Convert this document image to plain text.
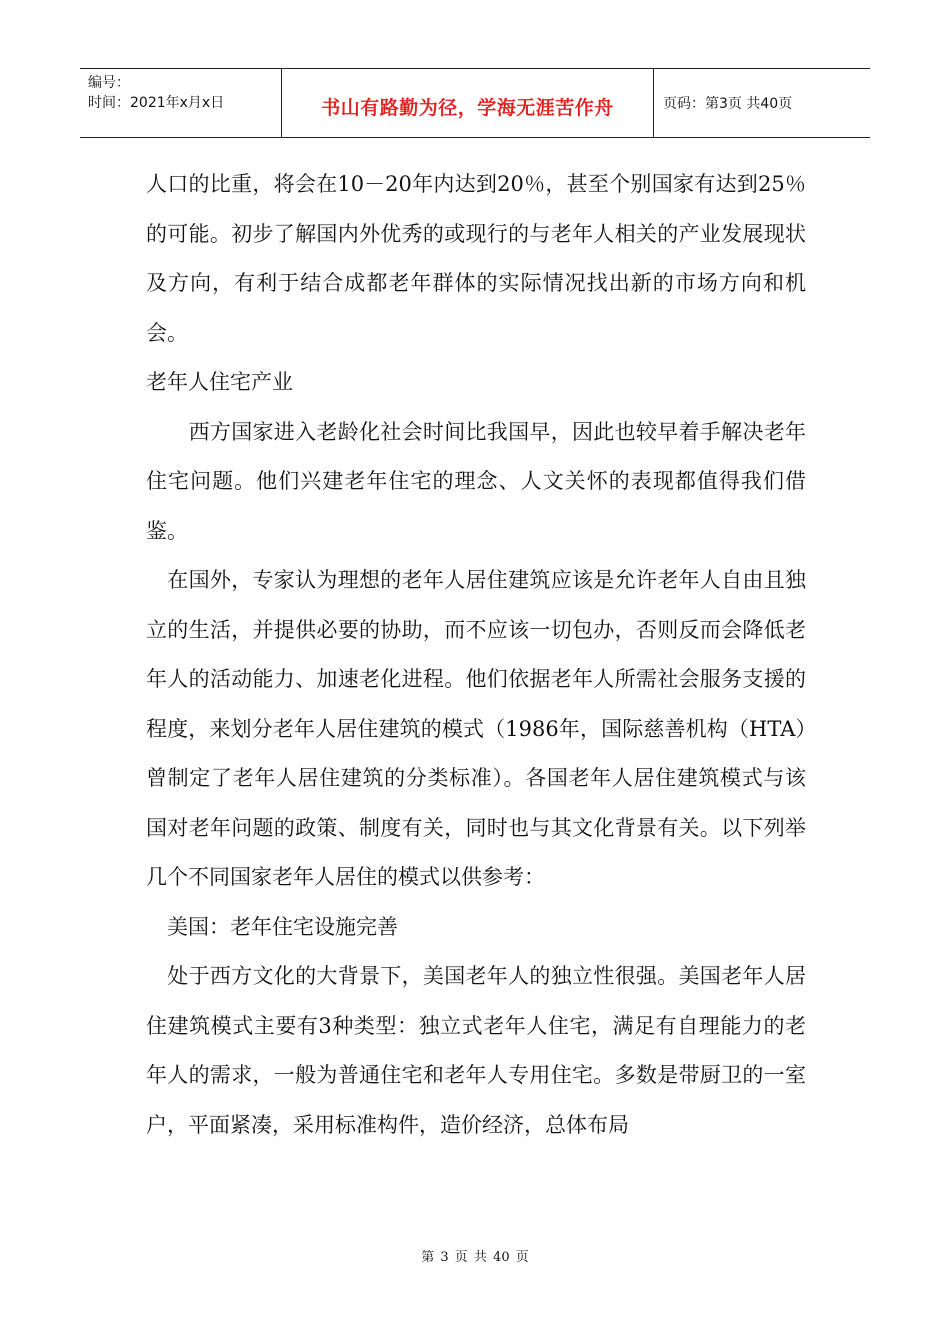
编号：
时间：2021年x月x日	书山有路勤为径，学海无涯苦作舟	页码：第3页 共40页

人口的比重，将会在10－20年内达到20％，甚至个别国家有达到25％的可能。初步了解国内外优秀的或现行的与老年人相关的产业发展现状及方向，有利于结合成都老年群体的实际情况找出新的市场方向和机会。

老年人住宅产业

　　西方国家进入老龄化社会时间比我国早，因此也较早着手解决老年住宅问题。他们兴建老年住宅的理念、人文关怀的表现都值得我们借鉴。

　在国外，专家认为理想的老年人居住建筑应该是允许老年人自由且独立的生活，并提供必要的协助，而不应该一切包办，否则反而会降低老年人的活动能力、加速老化进程。他们依据老年人所需社会服务支援的程度，来划分老年人居住建筑的模式（1986年，国际慈善机构（HTA）曾制定了老年人居住建筑的分类标准）。各国老年人居住建筑模式与该国对老年问题的政策、制度有关，同时也与其文化背景有关。以下列举几个不同国家老年人居住的模式以供参考：

　美国：老年住宅设施完善

　处于西方文化的大背景下，美国老年人的独立性很强。美国老年人居住建筑模式主要有3种类型：独立式老年人住宅，满足有自理能力的老年人的需求，一般为普通住宅和老年人专用住宅。多数是带厨卫的一室户，平面紧凑，采用标准构件，造价经济，总体布局

第 3 页 共 40 页
